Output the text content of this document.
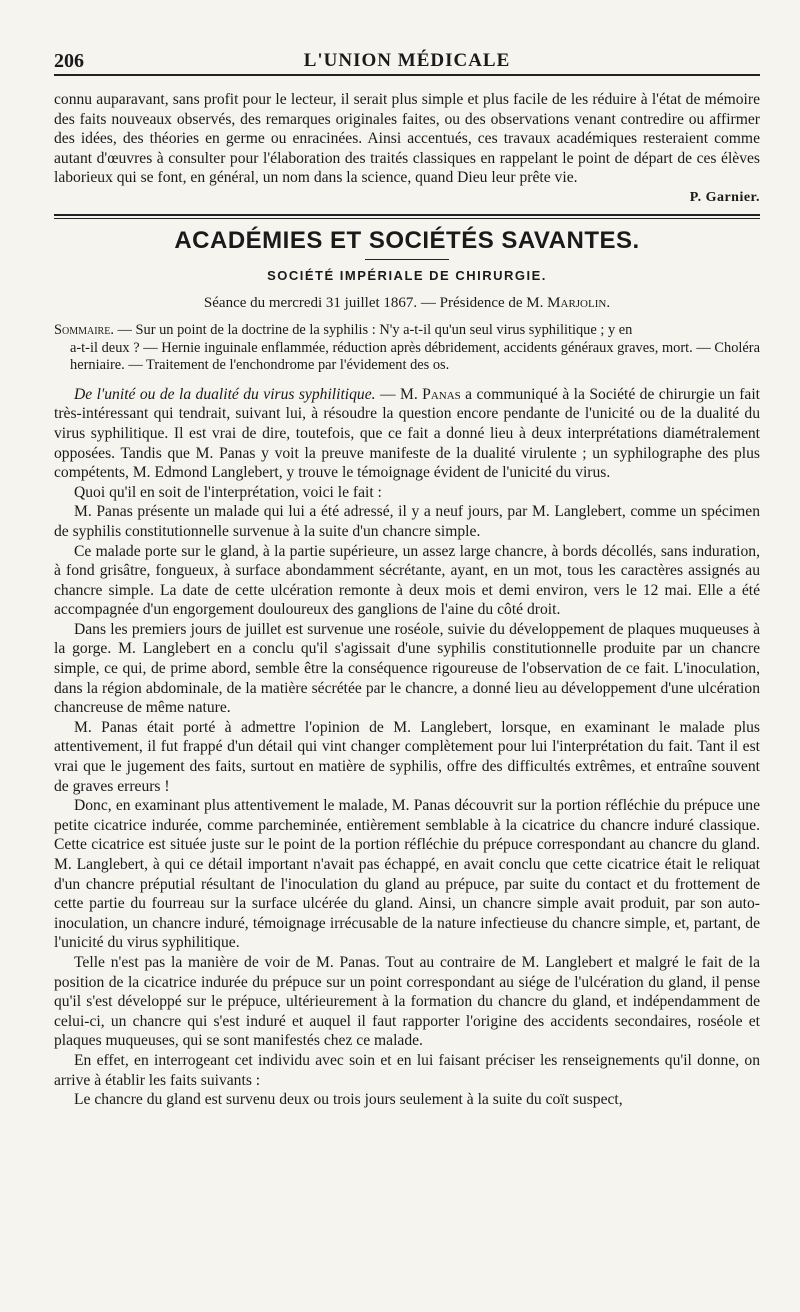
206	L'UNION MÉDICALE

connu auparavant, sans profit pour le lecteur, il serait plus simple et plus facile de les réduire à l'état de mémoire des faits nouveaux observés, des remarques originales faites, ou des observations venant contredire ou affirmer des idées, des théories en germe ou enracinées. Ainsi accentués, ces travaux académiques resteraient comme autant d'œuvres à consulter pour l'élaboration des traités classiques en rappelant le point de départ de ces élèves laborieux qui se font, en général, un nom dans la science, quand Dieu leur prête vie.

P. Garnier.
ACADÉMIES ET SOCIÉTÉS SAVANTES.
SOCIÉTÉ IMPÉRIALE DE CHIRURGIE.
Séance du mercredi 31 juillet 1867. — Présidence de M. Marjolin.
Sommaire. — Sur un point de la doctrine de la syphilis : N'y a-t-il qu'un seul virus syphilitique ; y en
a-t-il deux ? — Hernie inguinale enflammée, réduction après débridement, accidents généraux graves, mort. — Choléra herniaire. — Traitement de l'enchondrome par l'évidement des os.

De l'unité ou de la dualité du virus syphilitique. — M. Panas a communiqué à la Société de chirurgie un fait très-intéressant qui tendrait, suivant lui, à résoudre la question encore pendante de l'unicité ou de la dualité du virus syphilitique. Il est vrai de dire, toutefois, que ce fait a donné lieu à deux interprétations diamétralement opposées. Tandis que M. Panas y voit la preuve manifeste de la dualité virulente ; un syphilographe des plus compétents, M. Edmond Langlebert, y trouve le témoignage évident de l'unicité du virus.

Quoi qu'il en soit de l'interprétation, voici le fait :

M. Panas présente un malade qui lui a été adressé, il y a neuf jours, par M. Langlebert, comme un spécimen de syphilis constitutionnelle survenue à la suite d'un chancre simple.

Ce malade porte sur le gland, à la partie supérieure, un assez large chancre, à bords décollés, sans induration, à fond grisâtre, fongueux, à surface abondamment sécrétante, ayant, en un mot, tous les caractères assignés au chancre simple. La date de cette ulcération remonte à deux mois et demi environ, vers le 12 mai. Elle a été accompagnée d'un engorgement douloureux des ganglions de l'aine du côté droit.

Dans les premiers jours de juillet est survenue une roséole, suivie du développement de plaques muqueuses à la gorge. M. Langlebert en a conclu qu'il s'agissait d'une syphilis constitutionnelle produite par un chancre simple, ce qui, de prime abord, semble être la conséquence rigoureuse de l'observation de ce fait. L'inoculation, dans la région abdominale, de la matière sécrétée par le chancre, a donné lieu au développement d'une ulcération chancreuse de même nature.

M. Panas était porté à admettre l'opinion de M. Langlebert, lorsque, en examinant le malade plus attentivement, il fut frappé d'un détail qui vint changer complètement pour lui l'interprétation du fait. Tant il est vrai que le jugement des faits, surtout en matière de syphilis, offre des difficultés extrêmes, et entraîne souvent de graves erreurs !

Donc, en examinant plus attentivement le malade, M. Panas découvrit sur la portion réfléchie du prépuce une petite cicatrice indurée, comme parcheminée, entièrement semblable à la cicatrice du chancre induré classique. Cette cicatrice est située juste sur le point de la portion réfléchie du prépuce correspondant au chancre du gland. M. Langlebert, à qui ce détail important n'avait pas échappé, en avait conclu que cette cicatrice était le reliquat d'un chancre préputial résultant de l'inoculation du gland au prépuce, par suite du contact et du frottement de cette partie du fourreau sur la surface ulcérée du gland. Ainsi, un chancre simple avait produit, par son auto-inoculation, un chancre induré, témoignage irrécusable de la nature infectieuse du chancre simple, et, partant, de l'unicité du virus syphilitique.

Telle n'est pas la manière de voir de M. Panas. Tout au contraire de M. Langlebert et malgré le fait de la position de la cicatrice indurée du prépuce sur un point correspondant au siége de l'ulcération du gland, il pense qu'il s'est développé sur le prépuce, ultérieurement à la formation du chancre du gland, et indépendamment de celui-ci, un chancre qui s'est induré et auquel il faut rapporter l'origine des accidents secondaires, roséole et plaques muqueuses, qui se sont manifestés chez ce malade.

En effet, en interrogeant cet individu avec soin et en lui faisant préciser les renseignements qu'il donne, on arrive à établir les faits suivants :

Le chancre du gland est survenu deux ou trois jours seulement à la suite du coït suspect,
